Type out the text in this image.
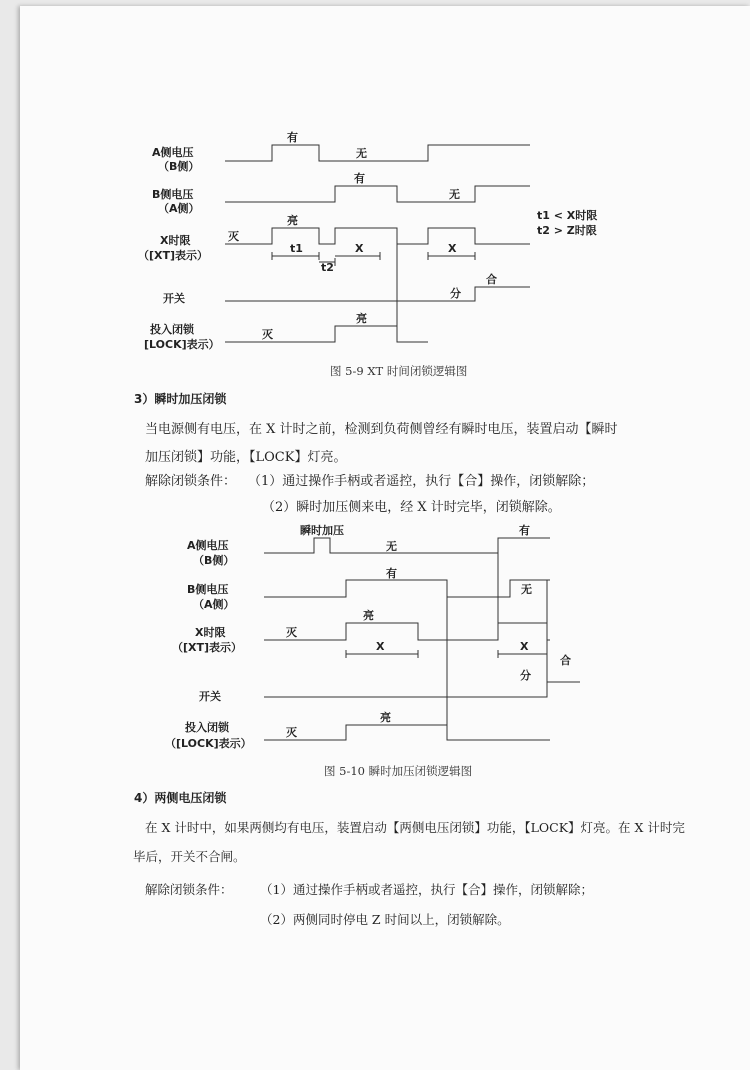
A侧电压
（B侧）
B侧电压
（A侧）
X时限
（[XT]表示）
开关
投入闭锁
[LOCK]表示）
有
无
有
无
灭
亮
t1
t2
X	X
分
合
灭
亮
t1 < X时限
t2 > Z时限
A侧电压
（B侧）
B侧电压
（A侧）
X时限
（[XT]表示）
开关
投入闭锁
（[LOCK]表示）
瞬时加压
无
有
有
无
灭
亮
X	X
合
分
灭
亮
图 5-9 XT 时间闭锁逻辑图
3）瞬时加压闭锁
当电源侧有电压，在 X 计时之前，检测到负荷侧曾经有瞬时电压，装置启动【瞬时
加压闭锁】功能，【LOCK】灯亮。
解除闭锁条件： （1）通过操作手柄或者遥控，执行【合】操作，闭锁解除；
（2）瞬时加压侧来电，经 X 计时完毕，闭锁解除。
图 5-10 瞬时加压闭锁逻辑图
4）两侧电压闭锁
在 X 计时中，如果两侧均有电压，装置启动【两侧电压闭锁】功能，【LOCK】灯亮。在 X 计时完
毕后，开关不合闸。
解除闭锁条件： （1）通过操作手柄或者遥控，执行【合】操作，闭锁解除；
（2）两侧同时停电 Z 时间以上，闭锁解除。
